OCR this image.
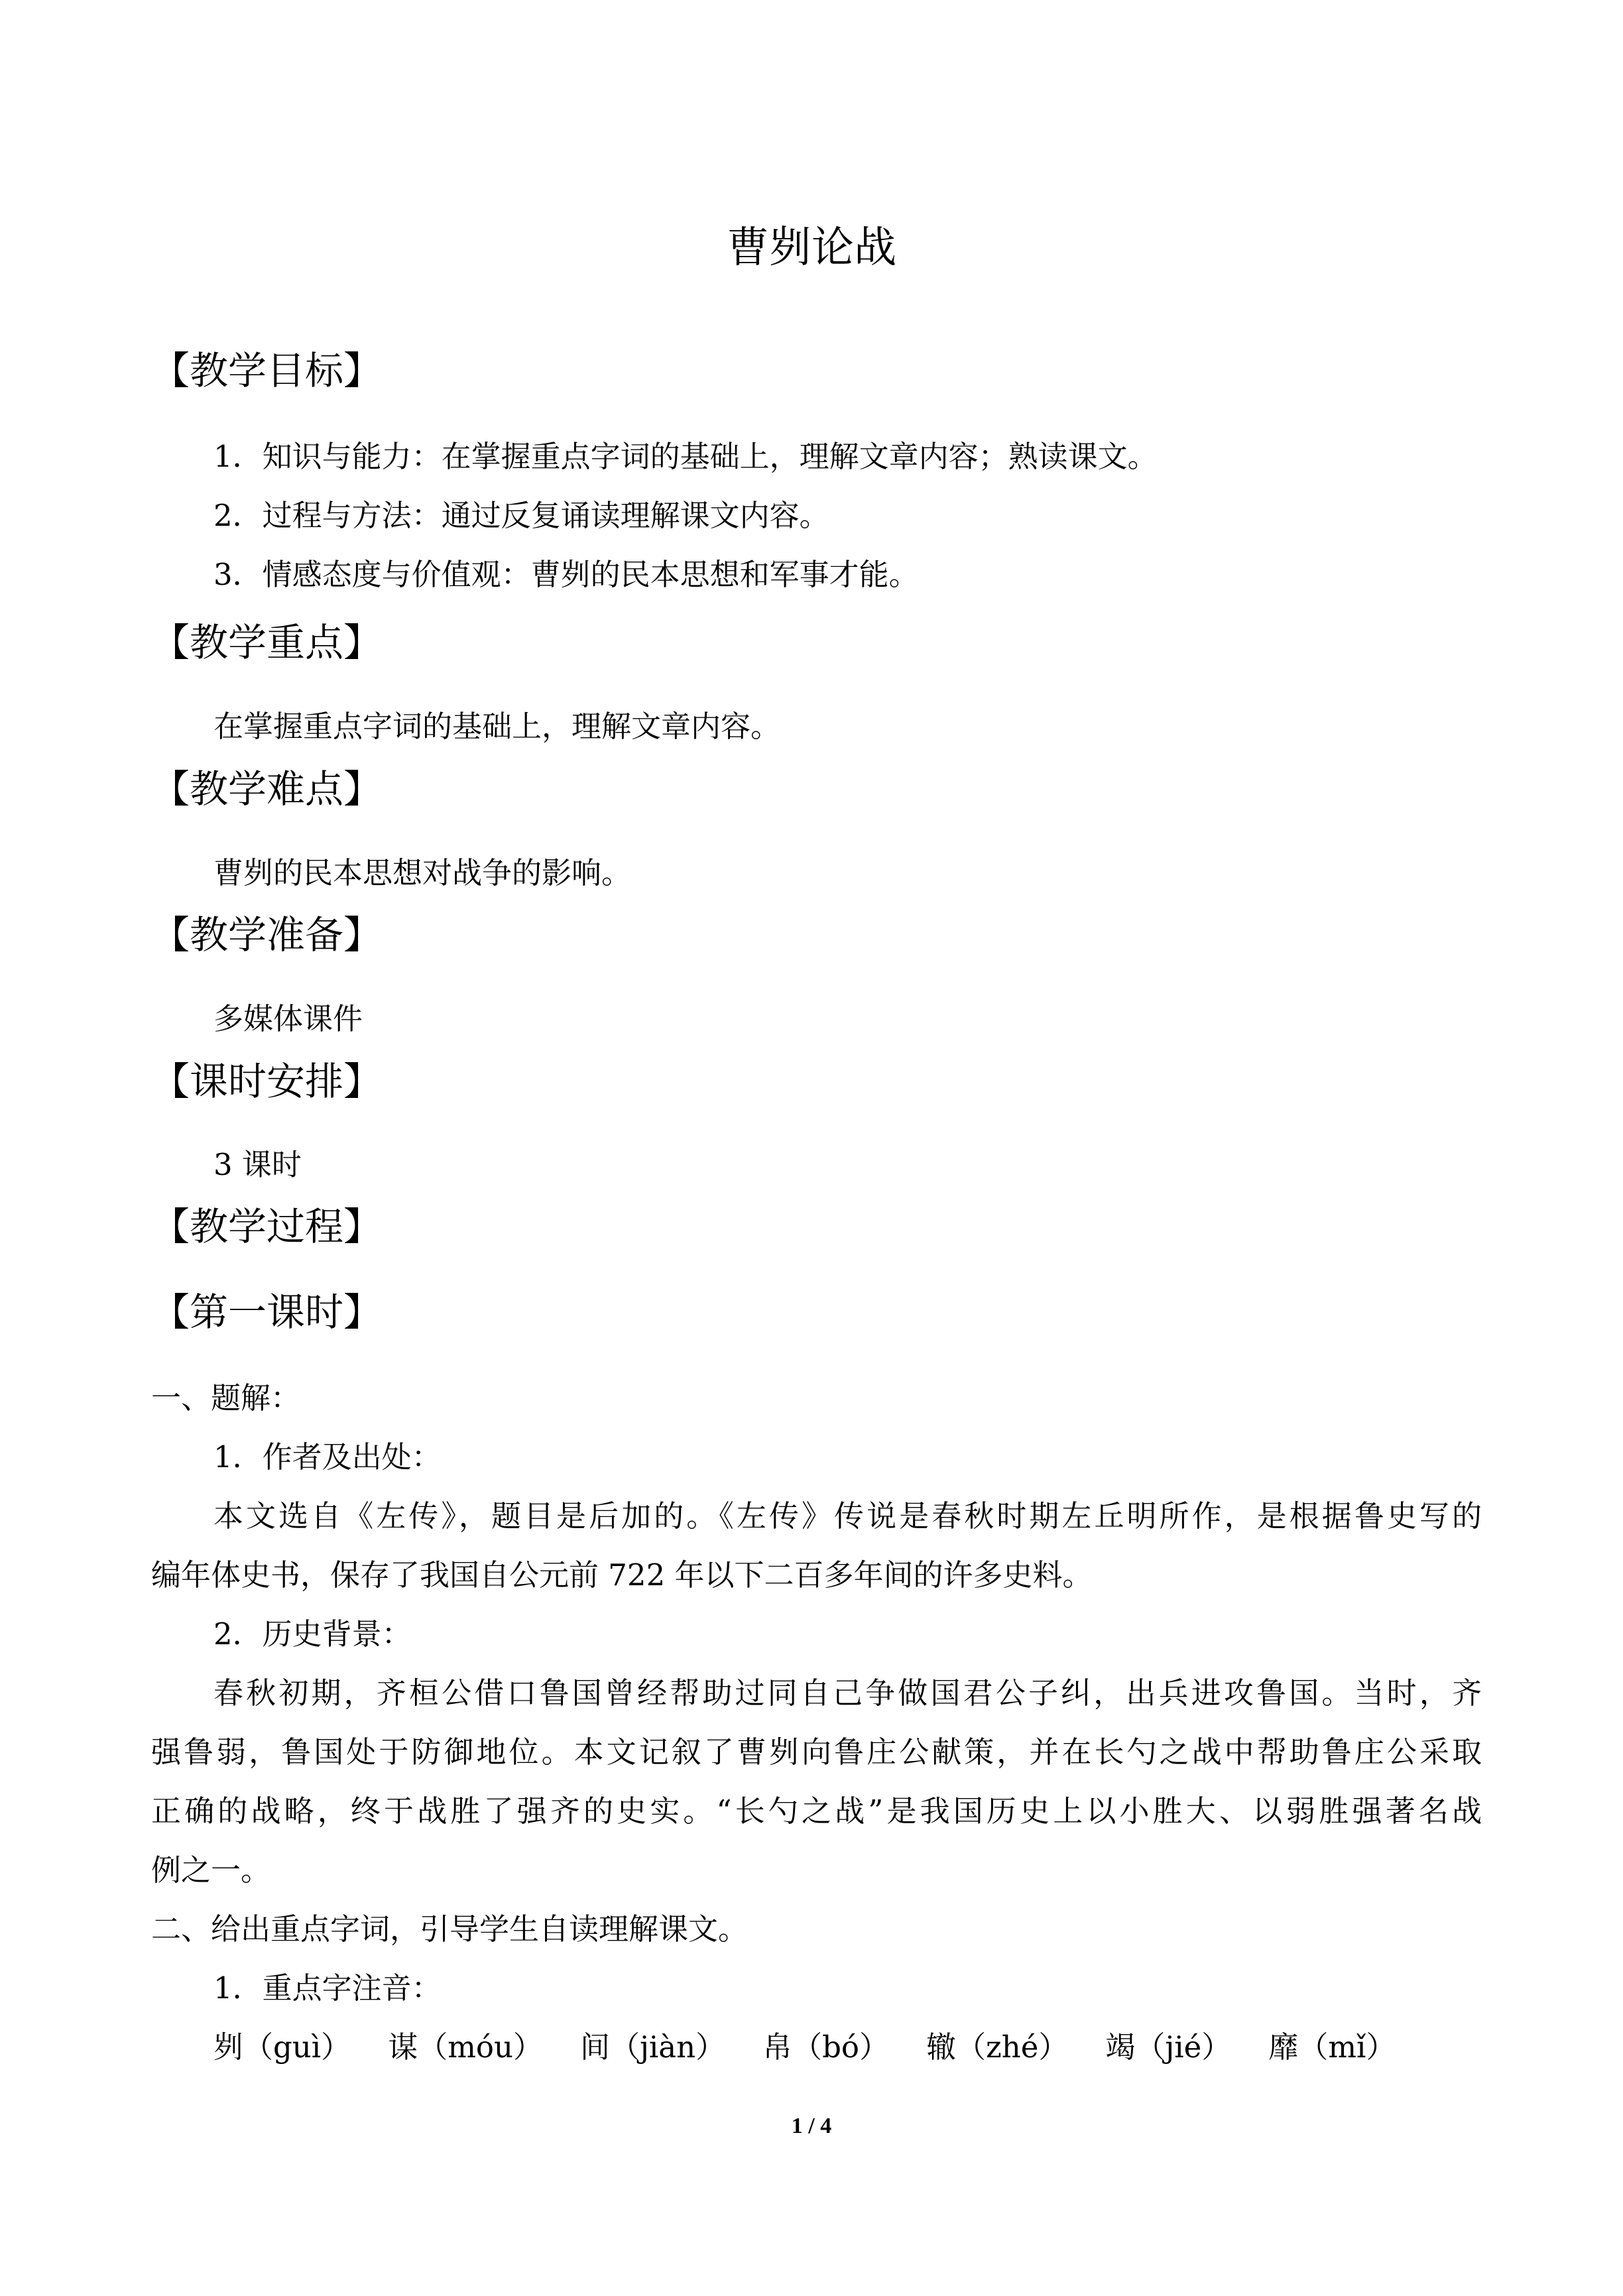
曹刿论战
【教学目标】
1．知识与能力：在掌握重点字词的基础上，理解文章内容；熟读课文。
2．过程与方法：通过反复诵读理解课文内容。
3．情感态度与价值观：曹刿的民本思想和军事才能。
【教学重点】
在掌握重点字词的基础上，理解文章内容。
【教学难点】
曹刿的民本思想对战争的影响。
【教学准备】
多媒体课件
【课时安排】
3 课时
【教学过程】
【第一课时】
一、题解：
1．作者及出处：
本文选自《左传》，题目是后加的。《左传》传说是春秋时期左丘明所作，是根据鲁史写的
编年体史书，保存了我国自公元前 722 年以下二百多年间的许多史料。
2．历史背景：
春秋初期，齐桓公借口鲁国曾经帮助过同自己争做国君公子纠，出兵进攻鲁国。当时，齐
强鲁弱，鲁国处于防御地位。本文记叙了曹刿向鲁庄公献策，并在长勺之战中帮助鲁庄公采取
正确的战略，终于战胜了强齐的史实。“长勺之战”是我国历史上以小胜大、以弱胜强著名战
例之一。
二、给出重点字词，引导学生自读理解课文。
1．重点字注音：
刿（guì） 谋（móu） 间（jiàn） 帛（bó） 辙（zhé） 竭（jié） 靡（mǐ）
1 / 4
